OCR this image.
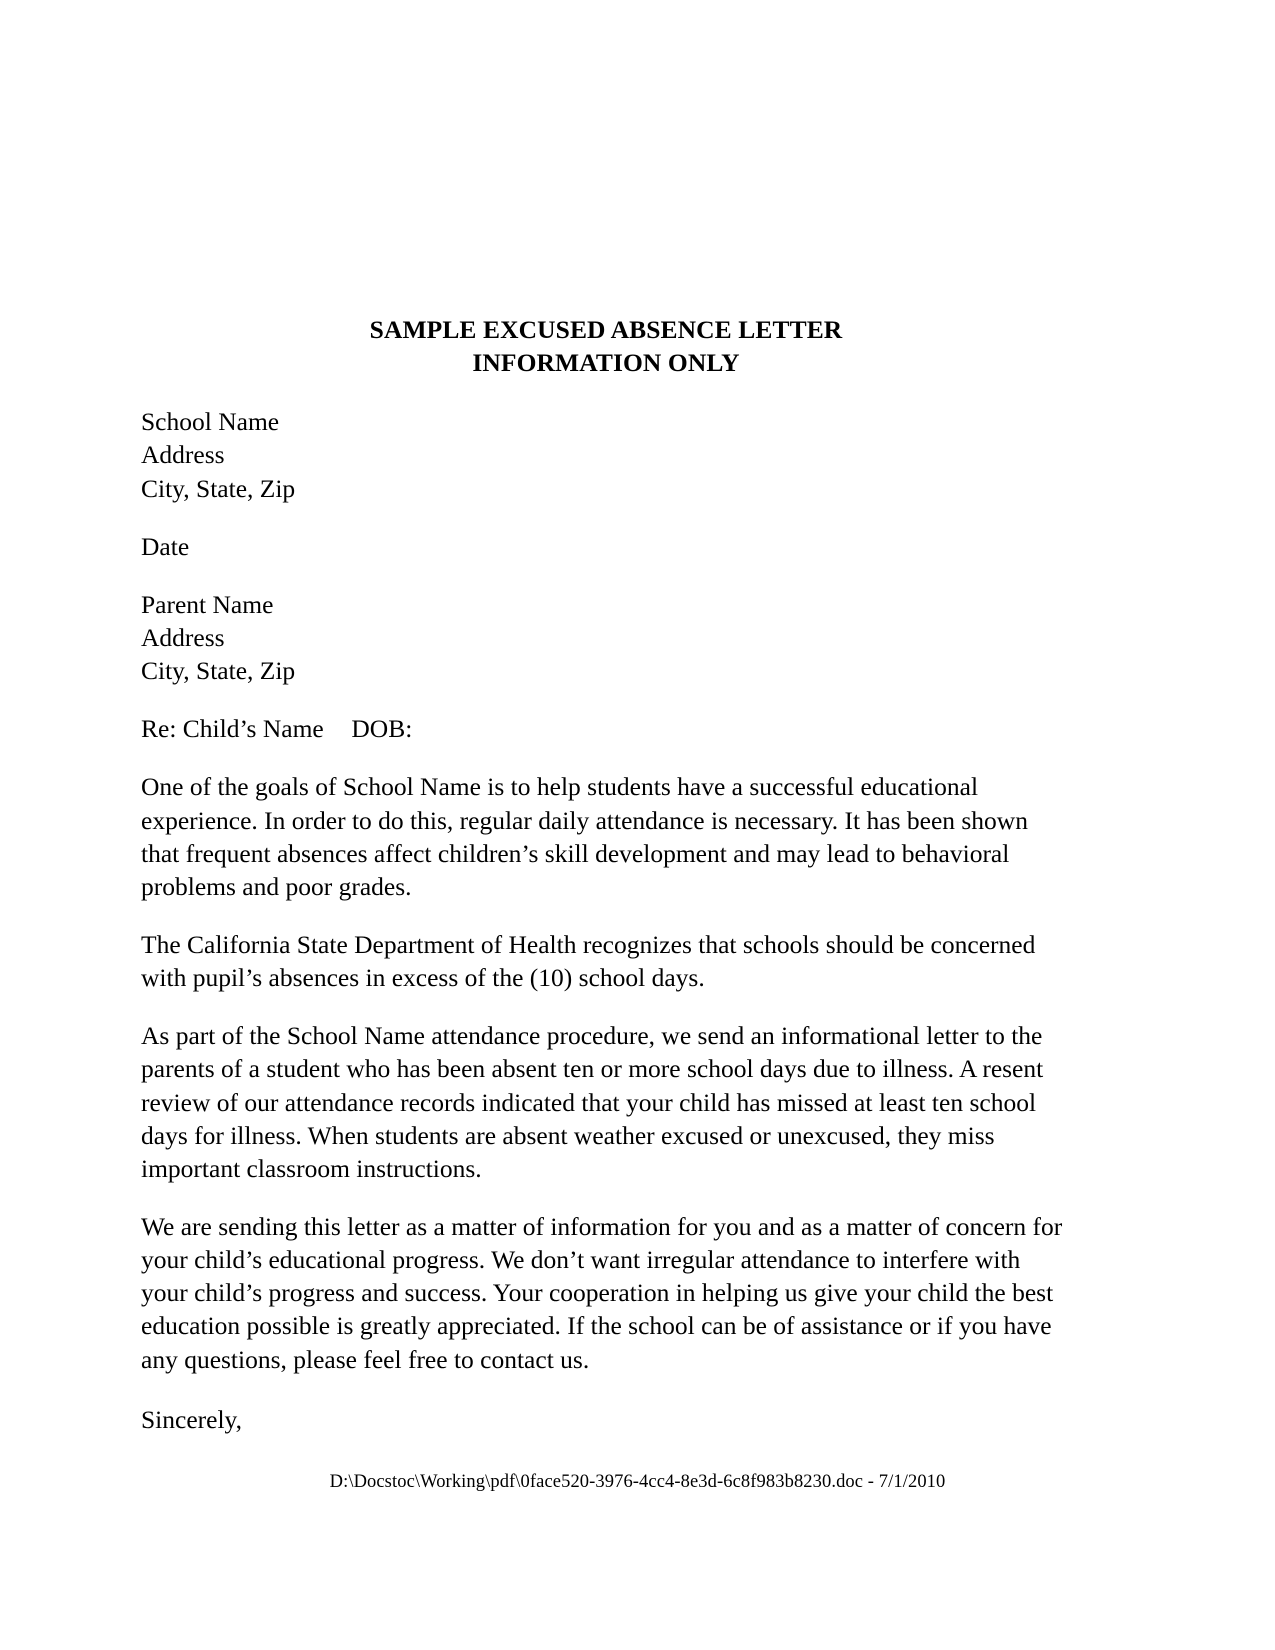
SAMPLE EXCUSED ABSENCE LETTER
INFORMATION ONLY
School Name
Address
City, State, Zip
Date
Parent Name
Address
City, State, Zip
Re: Child’s Name	DOB:

One of the goals of School Name is to help students have a successful educational experience. In order to do this, regular daily attendance is necessary. It has been shown that frequent absences affect children’s skill development and may lead to behavioral problems and poor grades.

The California State Department of Health recognizes that schools should be concerned with pupil’s absences in excess of the (10) school days.

As part of the School Name attendance procedure, we send an informational letter to the parents of a student who has been absent ten or more school days due to illness. A resent review of our attendance records indicated that your child has missed at least ten school days for illness. When students are absent weather excused or unexcused, they miss important classroom instructions.

We are sending this letter as a matter of information for you and as a matter of concern for your child’s educational progress. We don’t want irregular attendance to interfere with your child’s progress and success. Your cooperation in helping us give your child the best education possible is greatly appreciated. If the school can be of assistance or if you have any questions, please feel free to contact us.

Sincerely,

D:\Docstoc\Working\pdf\0face520-3976-4cc4-8e3d-6c8f983b8230.doc - 7/1/2010
